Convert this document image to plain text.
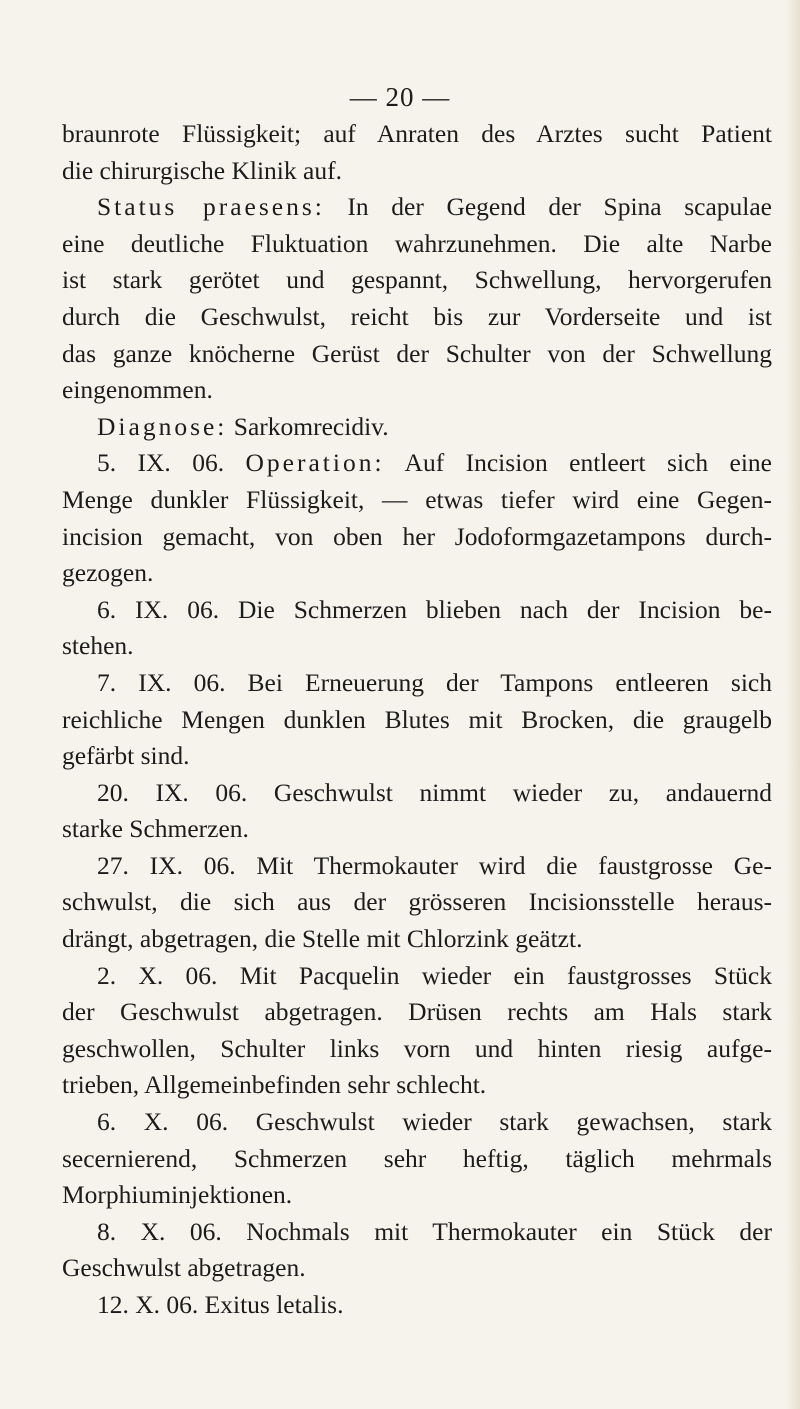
— 20 —
braunrote Flüssigkeit; auf Anraten des Arztes sucht Patient
die chirurgische Klinik auf.
Status praesens: In der Gegend der Spina scapulae
eine deutliche Fluktuation wahrzunehmen. Die alte Narbe
ist stark gerötet und gespannt, Schwellung, hervorgerufen
durch die Geschwulst, reicht bis zur Vorderseite und ist
das ganze knöcherne Gerüst der Schulter von der Schwellung
eingenommen.
Diagnose: Sarkomrecidiv.
5. IX. 06. Operation: Auf Incision entleert sich eine
Menge dunkler Flüssigkeit, — etwas tiefer wird eine Gegen-
incision gemacht, von oben her Jodoformgazetampons durch-
gezogen.
6. IX. 06. Die Schmerzen blieben nach der Incision be-
stehen.
7. IX. 06. Bei Erneuerung der Tampons entleeren sich
reichliche Mengen dunklen Blutes mit Brocken, die graugelb
gefärbt sind.
20. IX. 06. Geschwulst nimmt wieder zu, andauernd
starke Schmerzen.
27. IX. 06. Mit Thermokauter wird die faustgrosse Ge-
schwulst, die sich aus der grösseren Incisionsstelle heraus-
drängt, abgetragen, die Stelle mit Chlorzink geätzt.
2. X. 06. Mit Pacquelin wieder ein faustgrosses Stück
der Geschwulst abgetragen. Drüsen rechts am Hals stark
geschwollen, Schulter links vorn und hinten riesig aufge-
trieben, Allgemeinbefinden sehr schlecht.
6. X. 06. Geschwulst wieder stark gewachsen, stark
secernierend, Schmerzen sehr heftig, täglich mehrmals
Morphiuminjektionen.
8. X. 06. Nochmals mit Thermokauter ein Stück der
Geschwulst abgetragen.
12. X. 06. Exitus letalis.
